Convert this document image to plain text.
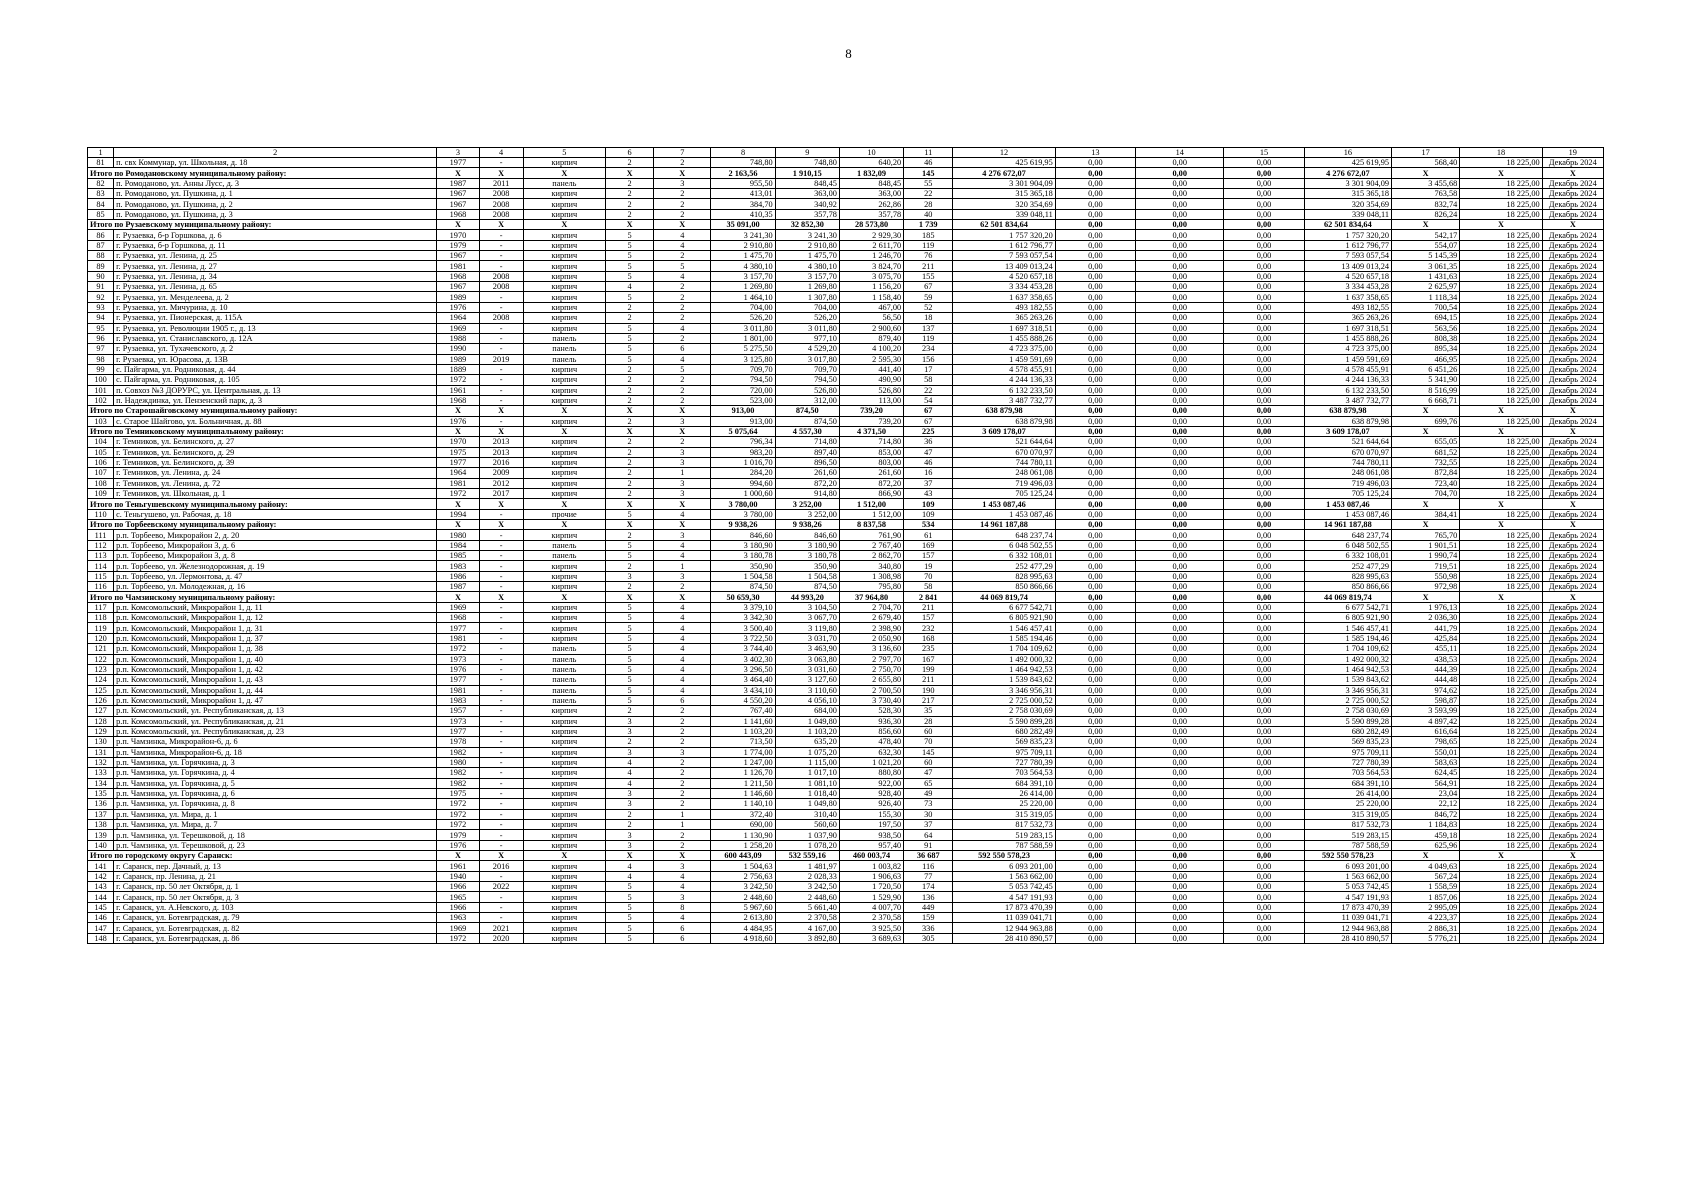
8
1	2	3	4	5	6	7	8	9	10	11	12	13	14	15	16	17	18	19
81	п. свх Коммунар, ул. Школьная, д. 18	1977	-	кирпич	2	2	748,80	748,80	640,20	46	425 619,95	0,00	0,00	0,00	425 619,95	568,40	18 225,00	Декабрь 2024
Итого по Ромодановскому муниципальному району:		X	X	X	X	X	2 163,56	1 910,15	1 832,09	145	4 276 672,07	0,00	0,00	0,00	4 276 672,07	X	X	X
82	п. Ромоданово, ул. Анны Лусс, д. 3	1987	2011	панель	2	3	955,50	848,45	848,45	55	3 301 904,09	0,00	0,00	0,00	3 301 904,09	3 455,68	18 225,00	Декабрь 2024
83	п. Ромоданово, ул. Пушкина, д. 1	1967	2008	кирпич	2	2	413,01	363,00	363,00	22	315 365,18	0,00	0,00	0,00	315 365,18	763,58	18 225,00	Декабрь 2024
84	п. Ромоданово, ул. Пушкина, д. 2	1967	2008	кирпич	2	2	384,70	340,92	262,86	28	320 354,69	0,00	0,00	0,00	320 354,69	832,74	18 225,00	Декабрь 2024
85	п. Ромоданово, ул. Пушкина, д. 3	1968	2008	кирпич	2	2	410,35	357,78	357,78	40	339 048,11	0,00	0,00	0,00	339 048,11	826,24	18 225,00	Декабрь 2024
Итого по Рузаевскому муниципальному району:		X	X	X	X	X	35 091,00	32 852,30	28 573,80	1 739	62 501 834,64	0,00	0,00	0,00	62 501 834,64	X	X	X
86	г. Рузаевка, б-р Горшкова, д. 6	1970	-	кирпич	5	4	3 241,30	3 241,30	2 929,30	185	1 757 320,20	0,00	0,00	0,00	1 757 320,20	542,17	18 225,00	Декабрь 2024
87	г. Рузаевка, б-р Горшкова, д. 11	1979	-	кирпич	5	4	2 910,80	2 910,80	2 611,70	119	1 612 796,77	0,00	0,00	0,00	1 612 796,77	554,07	18 225,00	Декабрь 2024
88	г. Рузаевка, ул. Ленина, д. 25	1967	-	кирпич	5	2	1 475,70	1 475,70	1 246,70	76	7 593 057,54	0,00	0,00	0,00	7 593 057,54	5 145,39	18 225,00	Декабрь 2024
89	г. Рузаевка, ул. Ленина, д. 27	1981	-	кирпич	5	5	4 380,10	4 380,10	3 824,70	211	13 409 013,24	0,00	0,00	0,00	13 409 013,24	3 061,35	18 225,00	Декабрь 2024
90	г. Рузаевка, ул. Ленина, д. 34	1968	2008	кирпич	5	4	3 157,70	3 157,70	3 075,70	155	4 520 657,18	0,00	0,00	0,00	4 520 657,18	1 431,63	18 225,00	Декабрь 2024
91	г. Рузаевка, ул. Ленина, д. 65	1967	2008	кирпич	4	2	1 269,80	1 269,80	1 156,20	67	3 334 453,28	0,00	0,00	0,00	3 334 453,28	2 625,97	18 225,00	Декабрь 2024
92	г. Рузаевка, ул. Менделеева, д. 2	1989	-	кирпич	5	2	1 464,10	1 307,80	1 158,40	59	1 637 358,65	0,00	0,00	0,00	1 637 358,65	1 118,34	18 225,00	Декабрь 2024
93	г. Рузаевка, ул. Мичурина, д. 10	1976	-	кирпич	2	2	704,00	704,00	467,00	52	493 182,55	0,00	0,00	0,00	493 182,55	700,54	18 225,00	Декабрь 2024
94	г. Рузаевка, ул. Пионерская, д. 115А	1964	2008	кирпич	2	2	526,20	526,20	56,50	18	365 263,26	0,00	0,00	0,00	365 263,26	694,15	18 225,00	Декабрь 2024
95	г. Рузаевка, ул. Революции 1905 г., д. 13	1969	-	кирпич	5	4	3 011,80	3 011,80	2 900,60	137	1 697 318,51	0,00	0,00	0,00	1 697 318,51	563,56	18 225,00	Декабрь 2024
96	г. Рузаевка, ул. Станиславского, д. 12А	1988	-	панель	5	2	1 801,00	977,10	879,40	119	1 455 888,26	0,00	0,00	0,00	1 455 888,26	808,38	18 225,00	Декабрь 2024
97	г. Рузаевка, ул. Тухачевского, д. 2	1990	-	панель	5	6	5 275,50	4 529,20	4 100,20	234	4 723 375,00	0,00	0,00	0,00	4 723 375,00	895,34	18 225,00	Декабрь 2024
98	г. Рузаевка, ул. Юрасова, д. 13В	1989	2019	панель	5	4	3 125,80	3 017,80	2 595,30	156	1 459 591,69	0,00	0,00	0,00	1 459 591,69	466,95	18 225,00	Декабрь 2024
99	с. Пайгарма, ул. Родниковая, д. 44	1889	-	кирпич	2	5	709,70	709,70	441,40	17	4 578 455,91	0,00	0,00	0,00	4 578 455,91	6 451,26	18 225,00	Декабрь 2024
100	с. Пайгарма, ул. Родниковая, д. 105	1972	-	кирпич	2	2	794,50	794,50	490,90	58	4 244 136,33	0,00	0,00	0,00	4 244 136,33	5 341,90	18 225,00	Декабрь 2024
101	п. Совхоз №3 ДОРУРС, ул. Центральная, д. 13	1961	-	кирпич	2	2	720,00	526,80	526,80	22	6 132 233,50	0,00	0,00	0,00	6 132 233,50	8 516,99	18 225,00	Декабрь 2024
102	п. Надеждинка, ул. Пензенский парк, д. 3	1968	-	кирпич	2	2	523,00	312,00	113,00	54	3 487 732,77	0,00	0,00	0,00	3 487 732,77	6 668,71	18 225,00	Декабрь 2024
Итого по Старошайговскому муниципальному району:		X	X	X	X	X	913,00	874,50	739,20	67	638 879,98	0,00	0,00	0,00	638 879,98	X	X	X
103	с. Старое Шайгово, ул. Больничная, д. 88	1976	-	кирпич	2	3	913,00	874,50	739,20	67	638 879,98	0,00	0,00	0,00	638 879,98	699,76	18 225,00	Декабрь 2024
Итого по Темниковскому муниципальному району:		X	X	X	X	X	5 075,64	4 557,30	4 371,50	225	3 609 178,07	0,00	0,00	0,00	3 609 178,07	X	X	X
104	г. Темников, ул. Белинского, д. 27	1970	2013	кирпич	2	2	796,34	714,80	714,80	36	521 644,64	0,00	0,00	0,00	521 644,64	655,05	18 225,00	Декабрь 2024
105	г. Темников, ул. Белинского, д. 29	1975	2013	кирпич	2	3	983,20	897,40	853,00	47	670 070,97	0,00	0,00	0,00	670 070,97	681,52	18 225,00	Декабрь 2024
106	г. Темников, ул. Белинского, д. 39	1977	2016	кирпич	2	3	1 016,70	896,50	803,00	46	744 780,11	0,00	0,00	0,00	744 780,11	732,55	18 225,00	Декабрь 2024
107	г. Темников, ул. Ленина, д. 24	1964	2009	кирпич	2	1	284,20	261,60	261,60	16	248 061,08	0,00	0,00	0,00	248 061,08	872,84	18 225,00	Декабрь 2024
108	г. Темников, ул. Ленина, д. 72	1981	2012	кирпич	2	3	994,60	872,20	872,20	37	719 496,03	0,00	0,00	0,00	719 496,03	723,40	18 225,00	Декабрь 2024
109	г. Темников, ул. Школьная, д. 1	1972	2017	кирпич	2	3	1 000,60	914,80	866,90	43	705 125,24	0,00	0,00	0,00	705 125,24	704,70	18 225,00	Декабрь 2024
Итого по Теньгушевскому муниципальному району:		X	X	X	X	X	3 780,00	3 252,00	1 512,00	109	1 453 087,46	0,00	0,00	0,00	1 453 087,46	X	X	X
110	с. Теньгушево, ул. Рабочая, д. 18	1994	-	прочие	5	4	3 780,00	3 252,00	1 512,00	109	1 453 087,46	0,00	0,00	0,00	1 453 087,46	384,41	18 225,00	Декабрь 2024
Итого по Торбеевскому муниципальному району:		X	X	X	X	X	9 938,26	9 938,26	8 837,58	534	14 961 187,88	0,00	0,00	0,00	14 961 187,88	X	X	X
111	р.п. Торбеево, Микрорайон 2, д. 20	1980	-	кирпич	2	3	846,60	846,60	761,90	61	648 237,74	0,00	0,00	0,00	648 237,74	765,70	18 225,00	Декабрь 2024
112	р.п. Торбеево, Микрорайон 3, д. 6	1984	-	панель	5	4	3 180,90	3 180,90	2 767,40	169	6 048 502,55	0,00	0,00	0,00	6 048 502,55	1 901,51	18 225,00	Декабрь 2024
113	р.п. Торбеево, Микрорайон 3, д. 8	1985	-	панель	5	4	3 180,78	3 180,78	2 862,70	157	6 332 108,01	0,00	0,00	0,00	6 332 108,01	1 990,74	18 225,00	Декабрь 2024
114	р.п. Торбеево, ул. Железнодорожная, д. 19	1983	-	кирпич	2	1	350,90	350,90	340,80	19	252 477,29	0,00	0,00	0,00	252 477,29	719,51	18 225,00	Декабрь 2024
115	р.п. Торбеево, ул. Лермонтова, д. 47	1986	-	кирпич	3	3	1 504,58	1 504,58	1 308,98	70	828 995,63	0,00	0,00	0,00	828 995,63	550,98	18 225,00	Декабрь 2024
116	р.п. Торбеево, ул. Молодежная, д. 16	1987	-	кирпич	2	2	874,50	874,50	795,80	58	850 866,66	0,00	0,00	0,00	850 866,66	972,98	18 225,00	Декабрь 2024
Итого по Чамзинскому муниципальному району:		X	X	X	X	X	50 659,30	44 993,20	37 964,80	2 841	44 069 819,74	0,00	0,00	0,00	44 069 819,74	X	X	X
117	р.п. Комсомольский, Микрорайон 1, д. 11	1969	-	кирпич	5	4	3 379,10	3 104,50	2 704,70	211	6 677 542,71	0,00	0,00	0,00	6 677 542,71	1 976,13	18 225,00	Декабрь 2024
118	р.п. Комсомольский, Микрорайон 1, д. 12	1968	-	кирпич	5	4	3 342,30	3 067,70	2 679,40	157	6 805 921,90	0,00	0,00	0,00	6 805 921,90	2 036,30	18 225,00	Декабрь 2024
119	р.п. Комсомольский, Микрорайон 1, д. 31	1977	-	кирпич	5	4	3 500,40	3 119,80	2 398,90	232	1 546 457,41	0,00	0,00	0,00	1 546 457,41	441,79	18 225,00	Декабрь 2024
120	р.п. Комсомольский, Микрорайон 1, д. 37	1981	-	кирпич	5	4	3 722,50	3 031,70	2 050,90	168	1 585 194,46	0,00	0,00	0,00	1 585 194,46	425,84	18 225,00	Декабрь 2024
121	р.п. Комсомольский, Микрорайон 1, д. 38	1972	-	панель	5	4	3 744,40	3 463,90	3 136,60	235	1 704 109,62	0,00	0,00	0,00	1 704 109,62	455,11	18 225,00	Декабрь 2024
122	р.п. Комсомольский, Микрорайон 1, д. 40	1973	-	панель	5	4	3 402,30	3 063,80	2 797,70	167	1 492 000,32	0,00	0,00	0,00	1 492 000,32	438,53	18 225,00	Декабрь 2024
123	р.п. Комсомольский, Микрорайон 1, д. 42	1976	-	панель	5	4	3 296,50	3 031,60	2 750,70	199	1 464 942,53	0,00	0,00	0,00	1 464 942,53	444,39	18 225,00	Декабрь 2024
124	р.п. Комсомольский, Микрорайон 1, д. 43	1977	-	панель	5	4	3 464,40	3 127,60	2 655,80	211	1 539 843,62	0,00	0,00	0,00	1 539 843,62	444,48	18 225,00	Декабрь 2024
125	р.п. Комсомольский, Микрорайон 1, д. 44	1981	-	панель	5	4	3 434,10	3 110,60	2 700,50	190	3 346 956,31	0,00	0,00	0,00	3 346 956,31	974,62	18 225,00	Декабрь 2024
126	р.п. Комсомольский, Микрорайон 1, д. 47	1983	-	панель	5	6	4 550,20	4 056,10	3 730,40	217	2 725 000,52	0,00	0,00	0,00	2 725 000,52	598,87	18 225,00	Декабрь 2024
127	р.п. Комсомольский, ул. Республиканская, д. 13	1957	-	кирпич	2	2	767,40	684,00	528,30	35	2 758 030,69	0,00	0,00	0,00	2 758 030,69	3 593,99	18 225,00	Декабрь 2024
128	р.п. Комсомольский, ул. Республиканская, д. 21	1973	-	кирпич	3	2	1 141,60	1 049,80	936,30	28	5 590 899,28	0,00	0,00	0,00	5 590 899,28	4 897,42	18 225,00	Декабрь 2024
129	р.п. Комсомольский, ул. Республиканская, д. 23	1977	-	кирпич	3	2	1 103,20	1 103,20	856,60	60	680 282,49	0,00	0,00	0,00	680 282,49	616,64	18 225,00	Декабрь 2024
130	р.п. Чамзинка, Микрорайон-6, д. 6	1978	-	кирпич	2	2	713,50	635,20	478,40	70	569 835,23	0,00	0,00	0,00	569 835,23	798,65	18 225,00	Декабрь 2024
131	р.п. Чамзинка, Микрорайон-6, д. 18	1982	-	кирпич	3	3	1 774,00	1 075,20	632,30	145	975 709,11	0,00	0,00	0,00	975 709,11	550,01	18 225,00	Декабрь 2024
132	р.п. Чамзинка, ул. Горячкина, д. 3	1980	-	кирпич	4	2	1 247,00	1 115,00	1 021,20	60	727 780,39	0,00	0,00	0,00	727 780,39	583,63	18 225,00	Декабрь 2024
133	р.п. Чамзинка, ул. Горячкина, д. 4	1982	-	кирпич	4	2	1 126,70	1 017,10	880,80	47	703 564,53	0,00	0,00	0,00	703 564,53	624,45	18 225,00	Декабрь 2024
134	р.п. Чамзинка, ул. Горячкина, д. 5	1982	-	кирпич	4	2	1 211,50	1 081,10	922,00	65	684 391,10	0,00	0,00	0,00	684 391,10	564,91	18 225,00	Декабрь 2024
135	р.п. Чамзинка, ул. Горячкина, д. 6	1975	-	кирпич	3	2	1 146,60	1 018,40	928,40	49	26 414,00	0,00	0,00	0,00	26 414,00	23,04	18 225,00	Декабрь 2024
136	р.п. Чамзинка, ул. Горячкина, д. 8	1972	-	кирпич	3	2	1 140,10	1 049,80	926,40	73	25 220,00	0,00	0,00	0,00	25 220,00	22,12	18 225,00	Декабрь 2024
137	р.п. Чамзинка, ул. Мира, д. 1	1972	-	кирпич	2	1	372,40	310,40	155,30	30	315 319,05	0,00	0,00	0,00	315 319,05	846,72	18 225,00	Декабрь 2024
138	р.п. Чамзинка, ул. Мира, д. 7	1972	-	кирпич	2	1	690,00	560,60	197,50	37	817 532,73	0,00	0,00	0,00	817 532,73	1 184,83	18 225,00	Декабрь 2024
139	р.п. Чамзинка, ул. Терешковой, д. 18	1979	-	кирпич	3	2	1 130,90	1 037,90	938,50	64	519 283,15	0,00	0,00	0,00	519 283,15	459,18	18 225,00	Декабрь 2024
140	р.п. Чамзинка, ул. Терешковой, д. 23	1976	-	кирпич	3	2	1 258,20	1 078,20	957,40	91	787 588,59	0,00	0,00	0,00	787 588,59	625,96	18 225,00	Декабрь 2024
Итого по городскому округу Саранск:		X	X	X	X	X	600 443,09	532 559,16	460 003,74	36 687	592 550 578,23	0,00	0,00	0,00	592 550 578,23	X	X	X
141	г. Саранск, пер. Дачный, д. 13	1961	2016	кирпич	4	3	1 504,63	1 481,97	1 003,82	116	6 093 201,00	0,00	0,00	0,00	6 093 201,00	4 049,63	18 225,00	Декабрь 2024
142	г. Саранск, пр. Ленина, д. 21	1940	-	кирпич	4	4	2 756,63	2 028,33	1 906,63	77	1 563 662,00	0,00	0,00	0,00	1 563 662,00	567,24	18 225,00	Декабрь 2024
143	г. Саранск, пр. 50 лет Октября, д. 1	1966	2022	кирпич	5	4	3 242,50	3 242,50	1 720,50	174	5 053 742,45	0,00	0,00	0,00	5 053 742,45	1 558,59	18 225,00	Декабрь 2024
144	г. Саранск, пр. 50 лет Октября, д. 3	1965	-	кирпич	5	3	2 448,60	2 448,60	1 529,90	136	4 547 191,93	0,00	0,00	0,00	4 547 191,93	1 857,06	18 225,00	Декабрь 2024
145	г. Саранск, ул. А.Невского, д. 103	1966	-	кирпич	5	8	5 967,60	5 661,40	4 007,70	449	17 873 470,39	0,00	0,00	0,00	17 873 470,39	2 995,09	18 225,00	Декабрь 2024
146	г. Саранск, ул. Ботевградская, д. 79	1963	-	кирпич	5	4	2 613,80	2 370,58	2 370,58	159	11 039 041,71	0,00	0,00	0,00	11 039 041,71	4 223,37	18 225,00	Декабрь 2024
147	г. Саранск, ул. Ботевградская, д. 82	1969	2021	кирпич	5	6	4 484,95	4 167,00	3 925,50	336	12 944 963,88	0,00	0,00	0,00	12 944 963,88	2 886,31	18 225,00	Декабрь 2024
148	г. Саранск, ул. Ботевградская, д. 86	1972	2020	кирпич	5	6	4 918,60	3 892,80	3 689,63	305	28 410 890,57	0,00	0,00	0,00	28 410 890,57	5 776,21	18 225,00	Декабрь 2024
